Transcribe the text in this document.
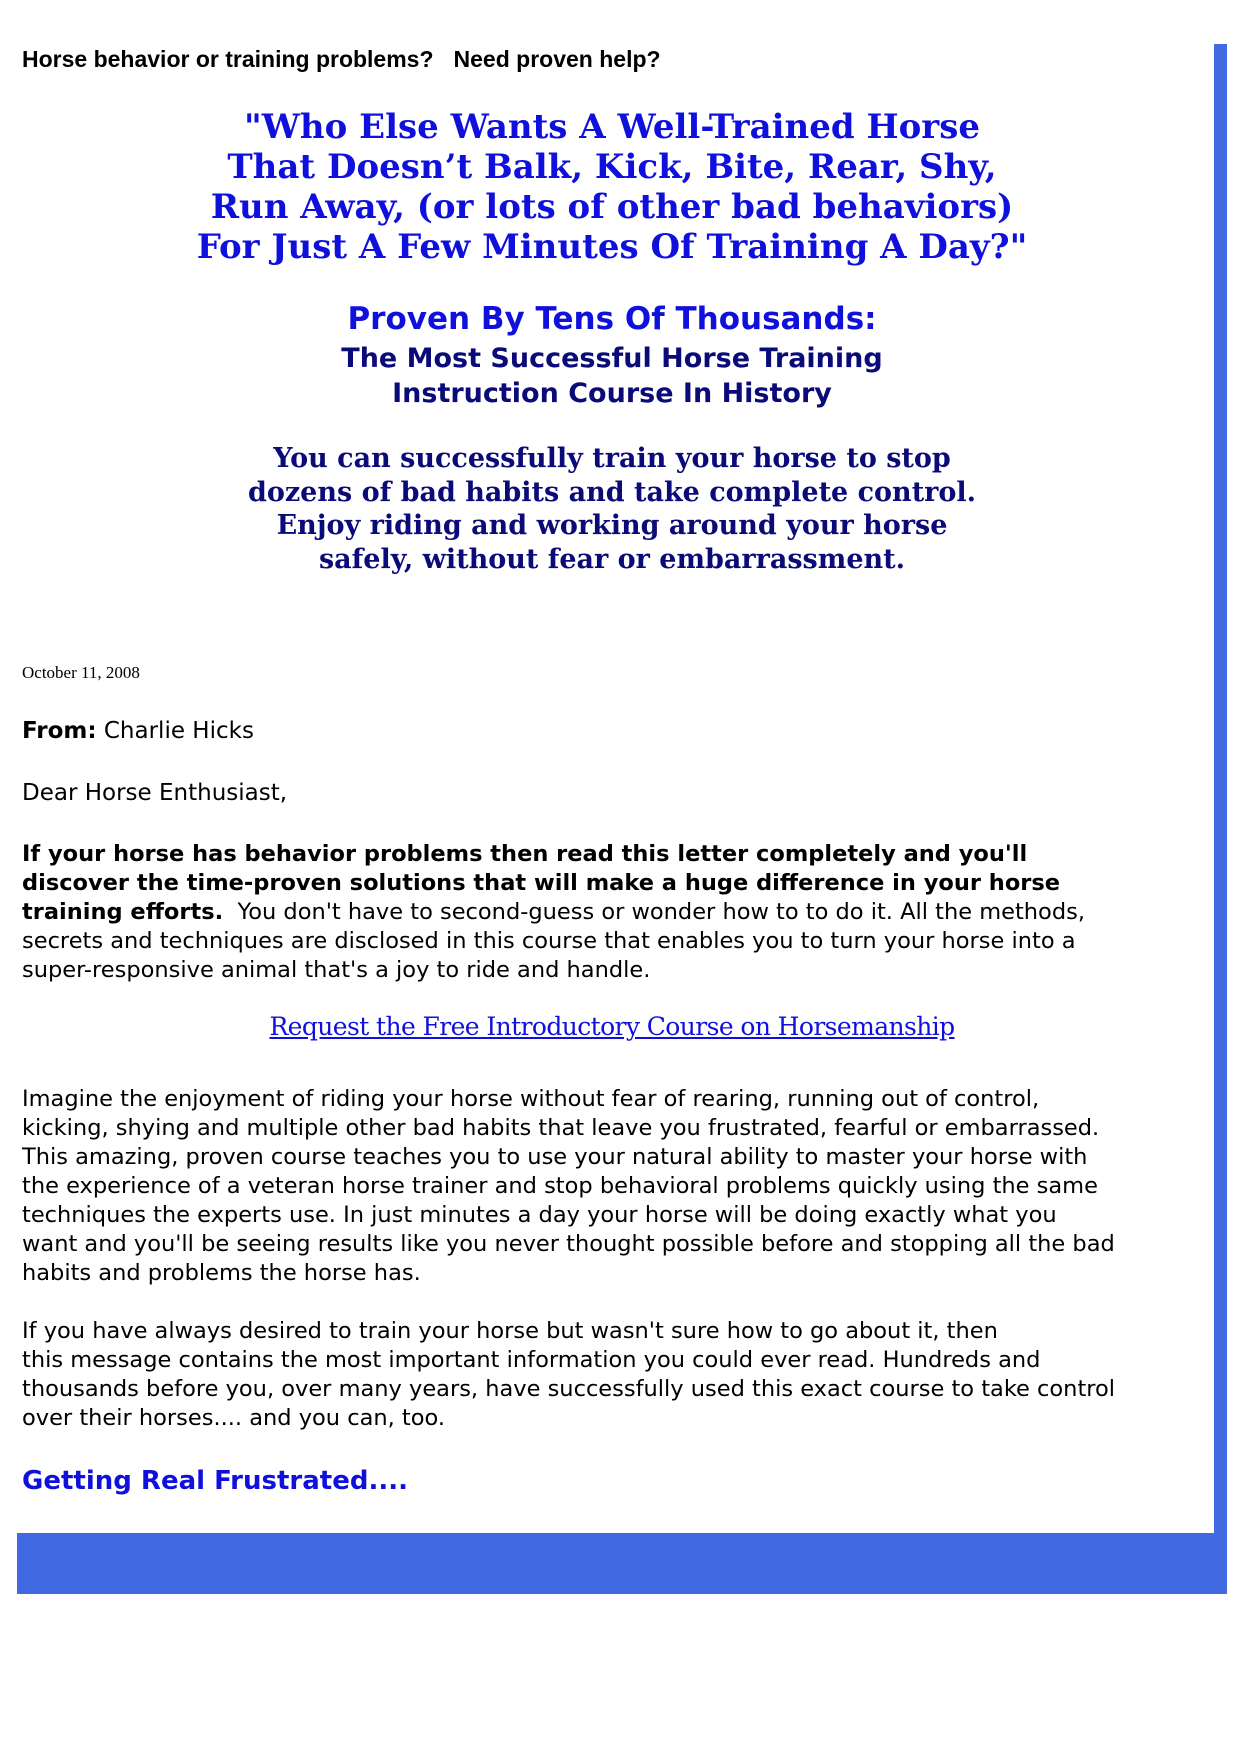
Horse behavior or training problems? Need proven help?

"Who Else Wants A Well-Trained Horse
That Doesn’t Balk, Kick, Bite, Rear, Shy,
Run Away, (or lots of other bad behaviors)
For Just A Few Minutes Of Training A Day?"
Proven By Tens Of Thousands:
The Most Successful Horse Training
Instruction Course In History

You can successfully train your horse to stop
dozens of bad habits and take complete control.
Enjoy riding and working around your horse
safely, without fear or embarrassment.

October 11, 2008

From: Charlie Hicks

Dear Horse Enthusiast,

If your horse has behavior problems then read this letter completely and you'll
discover the time-proven solutions that will make a huge difference in your horse
training efforts. You don't have to second-guess or wonder how to to do it. All the methods,
secrets and techniques are disclosed in this course that enables you to turn your horse into a
super-responsive animal that's a joy to ride and handle.

Request the Free Introductory Course on Horsemanship

Imagine the enjoyment of riding your horse without fear of rearing, running out of control,
kicking, shying and multiple other bad habits that leave you frustrated, fearful or embarrassed.
This amazing, proven course teaches you to use your natural ability to master your horse with
the experience of a veteran horse trainer and stop behavioral problems quickly using the same
techniques the experts use. In just minutes a day your horse will be doing exactly what you
want and you'll be seeing results like you never thought possible before and stopping all the bad
habits and problems the horse has.

If you have always desired to train your horse but wasn't sure how to go about it, then
this message contains the most important information you could ever read. Hundreds and
thousands before you, over many years, have successfully used this exact course to take control
over their horses.... and you can, too.

Getting Real Frustrated....
